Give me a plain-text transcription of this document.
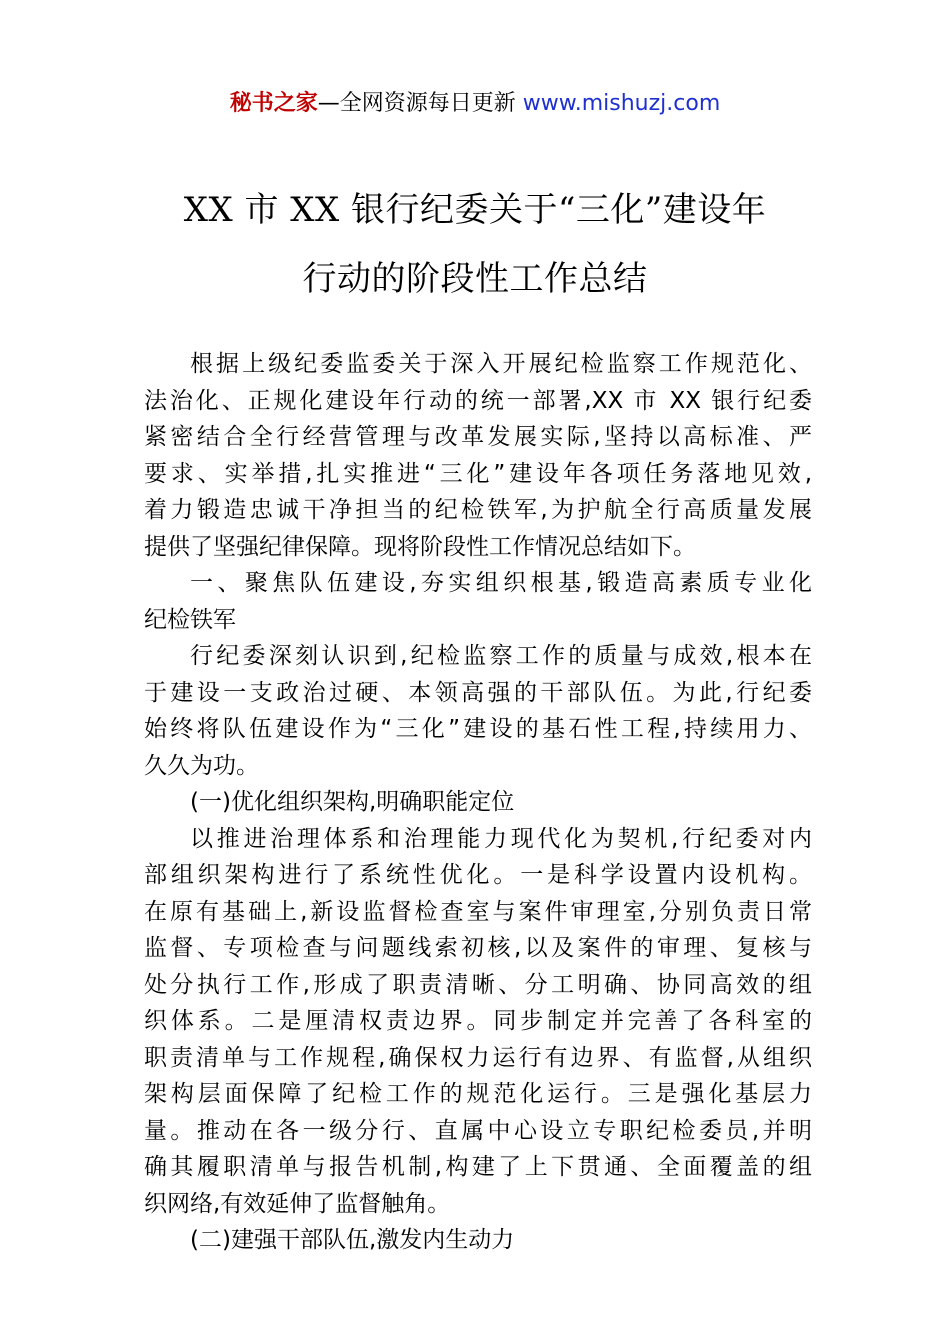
秘书之家—全网资源每日更新 www.mishuzj.com
XX 市 XX 银行纪委关于“三化”建设年
行动的阶段性工作总结
根据上级纪委监委关于深入开展纪检监察工作规范化、
法治化、正规化建设年行动的统一部署,XX 市 XX 银行纪委
紧密结合全行经营管理与改革发展实际,坚持以高标准、严
要求、实举措,扎实推进“三化”建设年各项任务落地见效,
着力锻造忠诚干净担当的纪检铁军,为护航全行高质量发展
提供了坚强纪律保障。现将阶段性工作情况总结如下。
一、聚焦队伍建设,夯实组织根基,锻造高素质专业化
纪检铁军
行纪委深刻认识到,纪检监察工作的质量与成效,根本在
于建设一支政治过硬、本领高强的干部队伍。为此,行纪委
始终将队伍建设作为“三化”建设的基石性工程,持续用力、
久久为功。
(一)优化组织架构,明确职能定位
以推进治理体系和治理能力现代化为契机,行纪委对内
部组织架构进行了系统性优化。一是科学设置内设机构。
在原有基础上,新设监督检查室与案件审理室,分别负责日常
监督、专项检查与问题线索初核,以及案件的审理、复核与
处分执行工作,形成了职责清晰、分工明确、协同高效的组
织体系。二是厘清权责边界。同步制定并完善了各科室的
职责清单与工作规程,确保权力运行有边界、有监督,从组织
架构层面保障了纪检工作的规范化运行。三是强化基层力
量。推动在各一级分行、直属中心设立专职纪检委员,并明
确其履职清单与报告机制,构建了上下贯通、全面覆盖的组
织网络,有效延伸了监督触角。
(二)建强干部队伍,激发内生动力
